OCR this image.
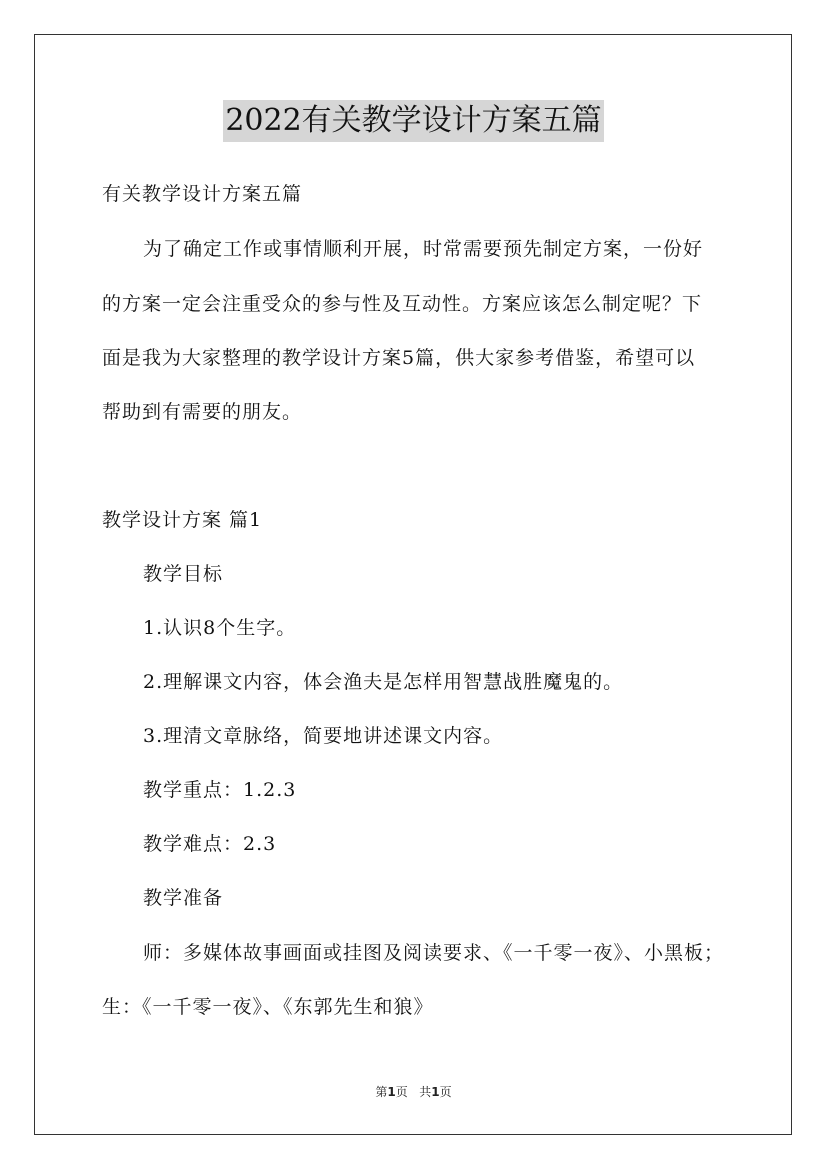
2022有关教学设计方案五篇
有关教学设计方案五篇
为了确定工作或事情顺利开展，时常需要预先制定方案，一份好
的方案一定会注重受众的参与性及互动性。方案应该怎么制定呢？下
面是我为大家整理的教学设计方案5篇，供大家参考借鉴，希望可以
帮助到有需要的朋友。
教学设计方案 篇1
教学目标
1.认识8个生字。
2.理解课文内容，体会渔夫是怎样用智慧战胜魔鬼的。
3.理清文章脉络，简要地讲述课文内容。
教学重点：1.2.3
教学难点：2.3
教学准备
师：多媒体故事画面或挂图及阅读要求、《一千零一夜》、小黑板；
生：《一千零一夜》、《东郭先生和狼》
第1页 共1页
